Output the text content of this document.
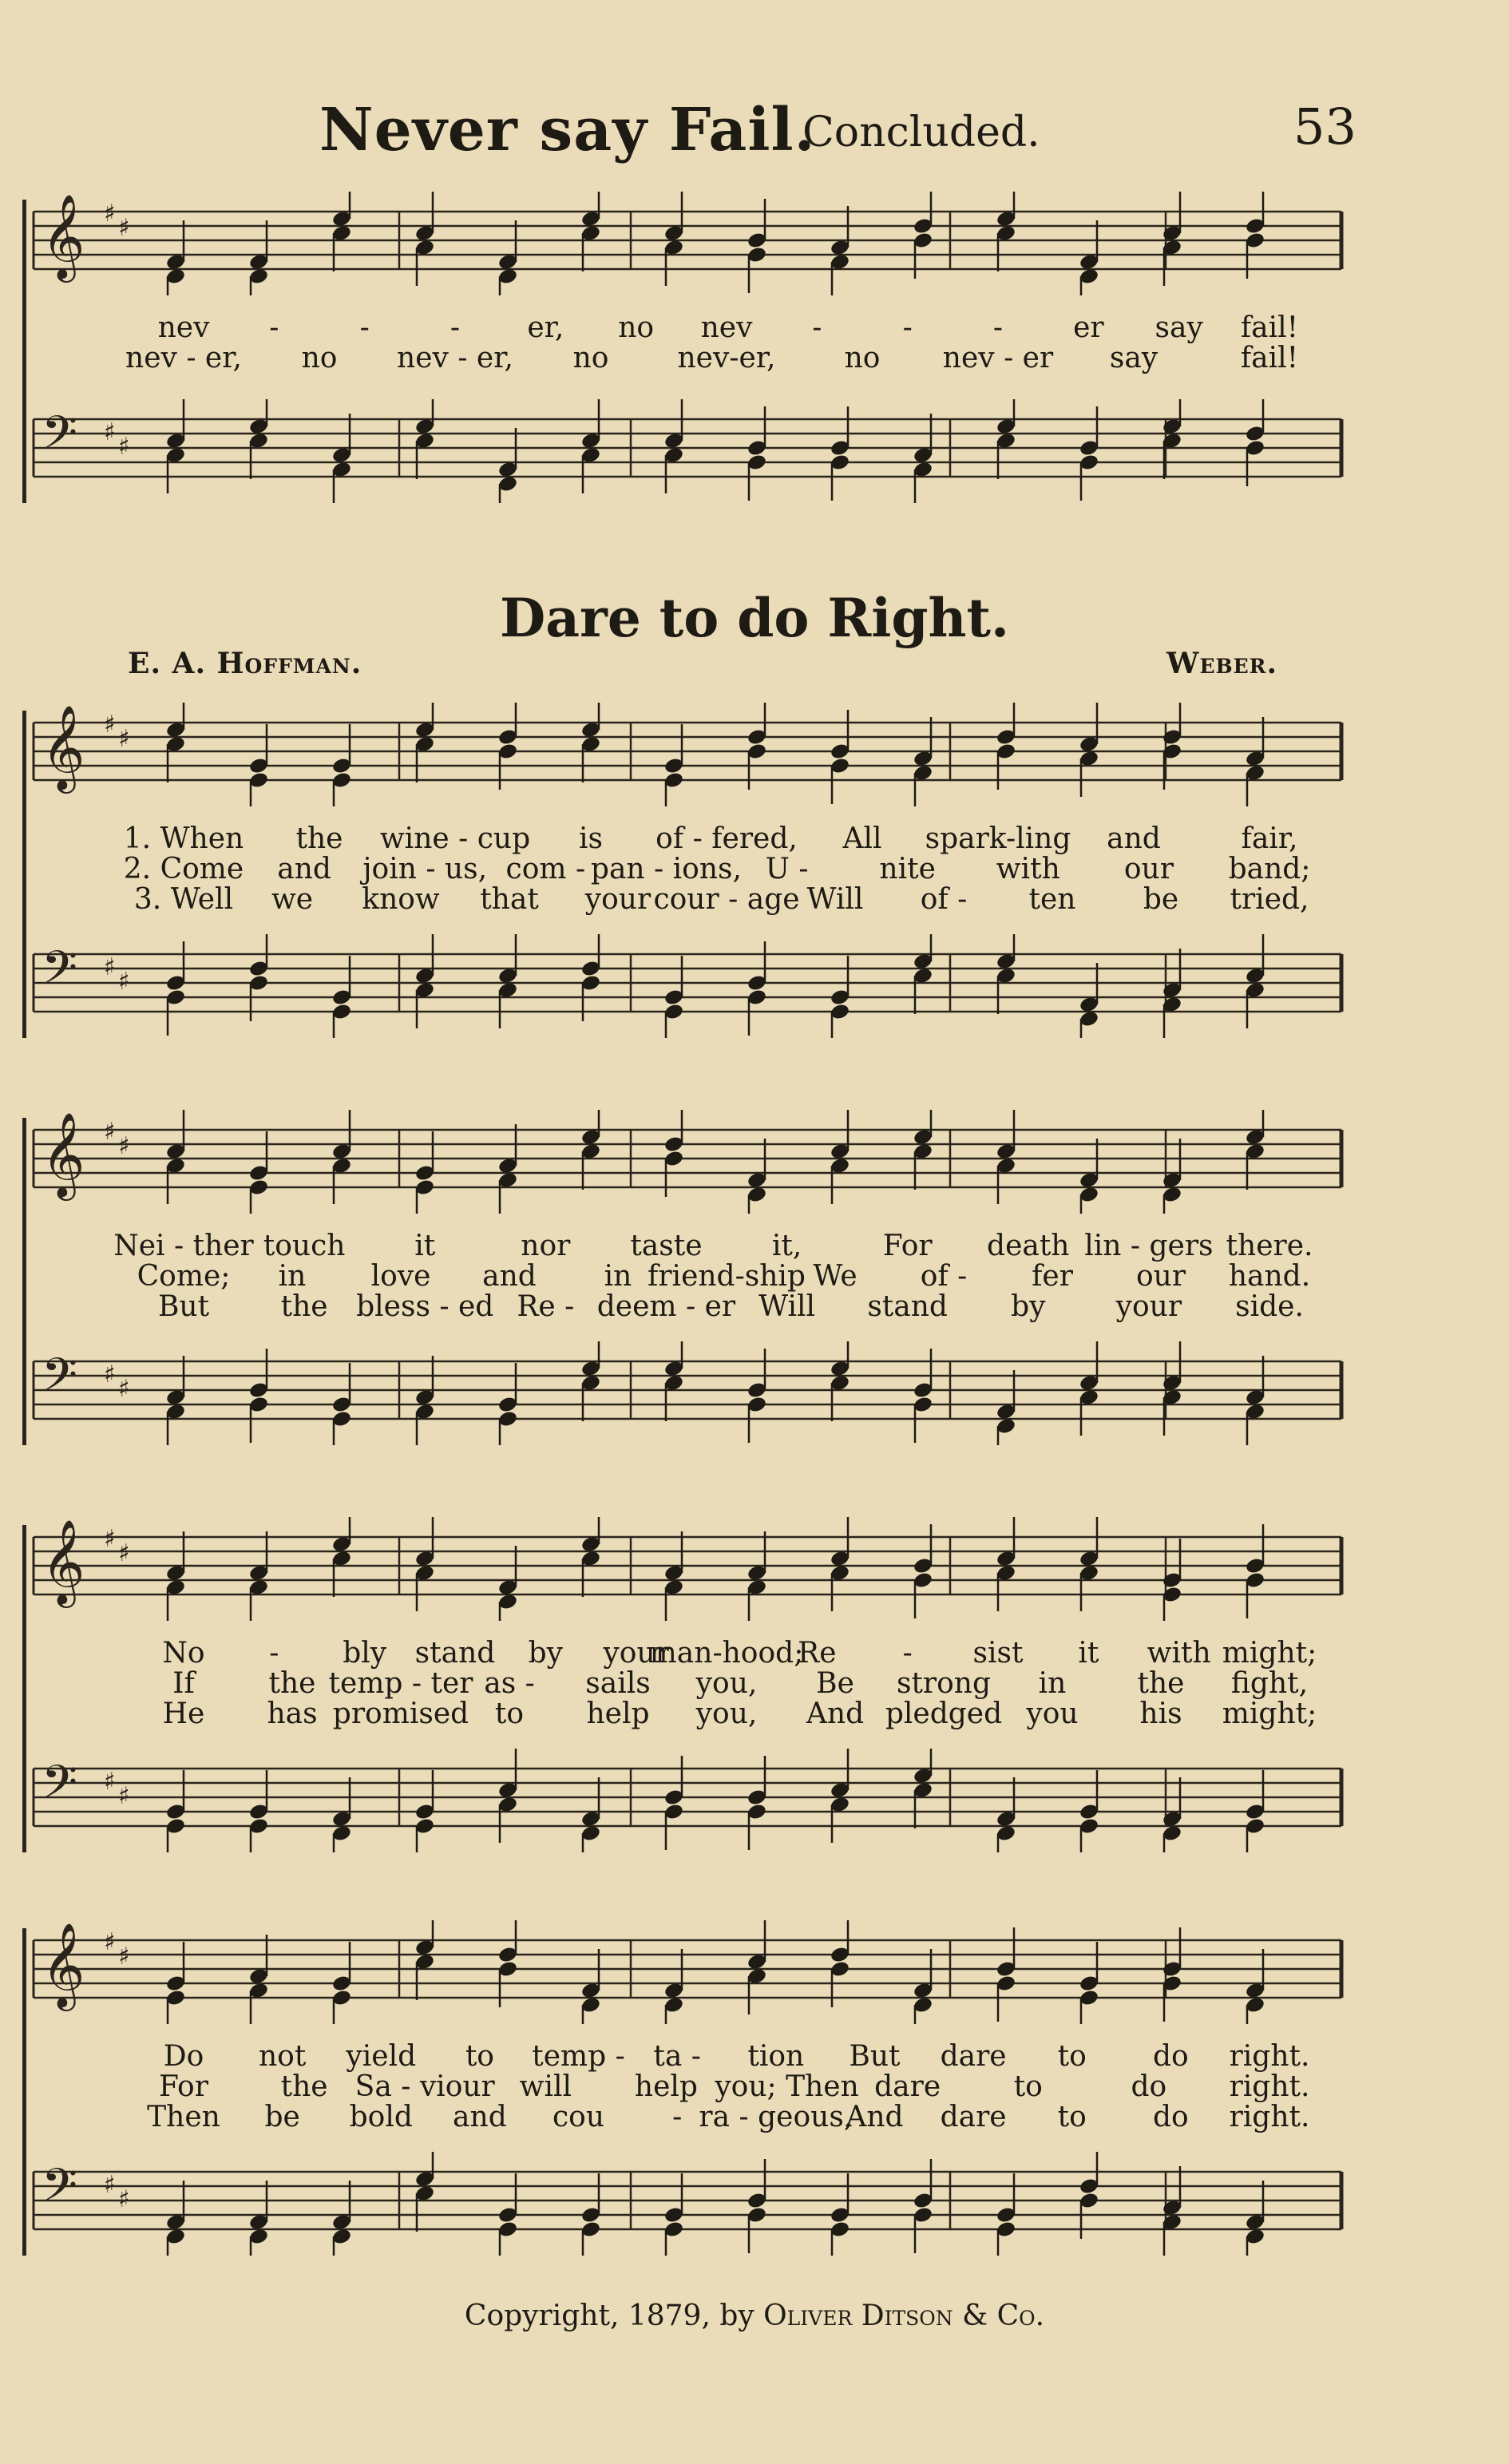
Never say Fail.
Concluded.	53
𝄞 ♯
♯
𝄢 ♯
♯
nev -	-	- er, no nev -	-	- er say fail!
nev - er, no nev - er, no nev-er, no nev - er say	fail!
Dare to do Right.
E. A. Hoffman.	Weber.
𝄞 ♯
♯
𝄢 ♯
♯
1. When the wine - cup is of - fered, All spark-ling and	fair,
2. Come and join - us, com - pan - ions, U - nite with our band;
3. Well we know that your cour - age Will of - ten be tried,
𝄞 ♯
♯
𝄢 ♯
♯
Nei - ther touch it	nor taste it,	For death lin - gers there.
Come; in love and in friend-ship We of - fer our hand.
But the bless - ed Re - deem - er Will stand by your side.
𝄞 ♯
♯
𝄢 ♯
♯
No - bly stand by your
man-hood;
Re - sist it with might;
If	the temp - ter as - sails you, Be strong in the fight,
He has promised to help you, And pledged you his might;
𝄞 ♯
♯
𝄢 ♯
♯
Do not yield to temp - ta - tion But dare to do right.
For	the Sa - viour will help you; Then dare	to	do right.
Then be bold and cou - ra - geous,
And dare to do right.
Copyright, 1879, by Oliver Ditson & Co.
